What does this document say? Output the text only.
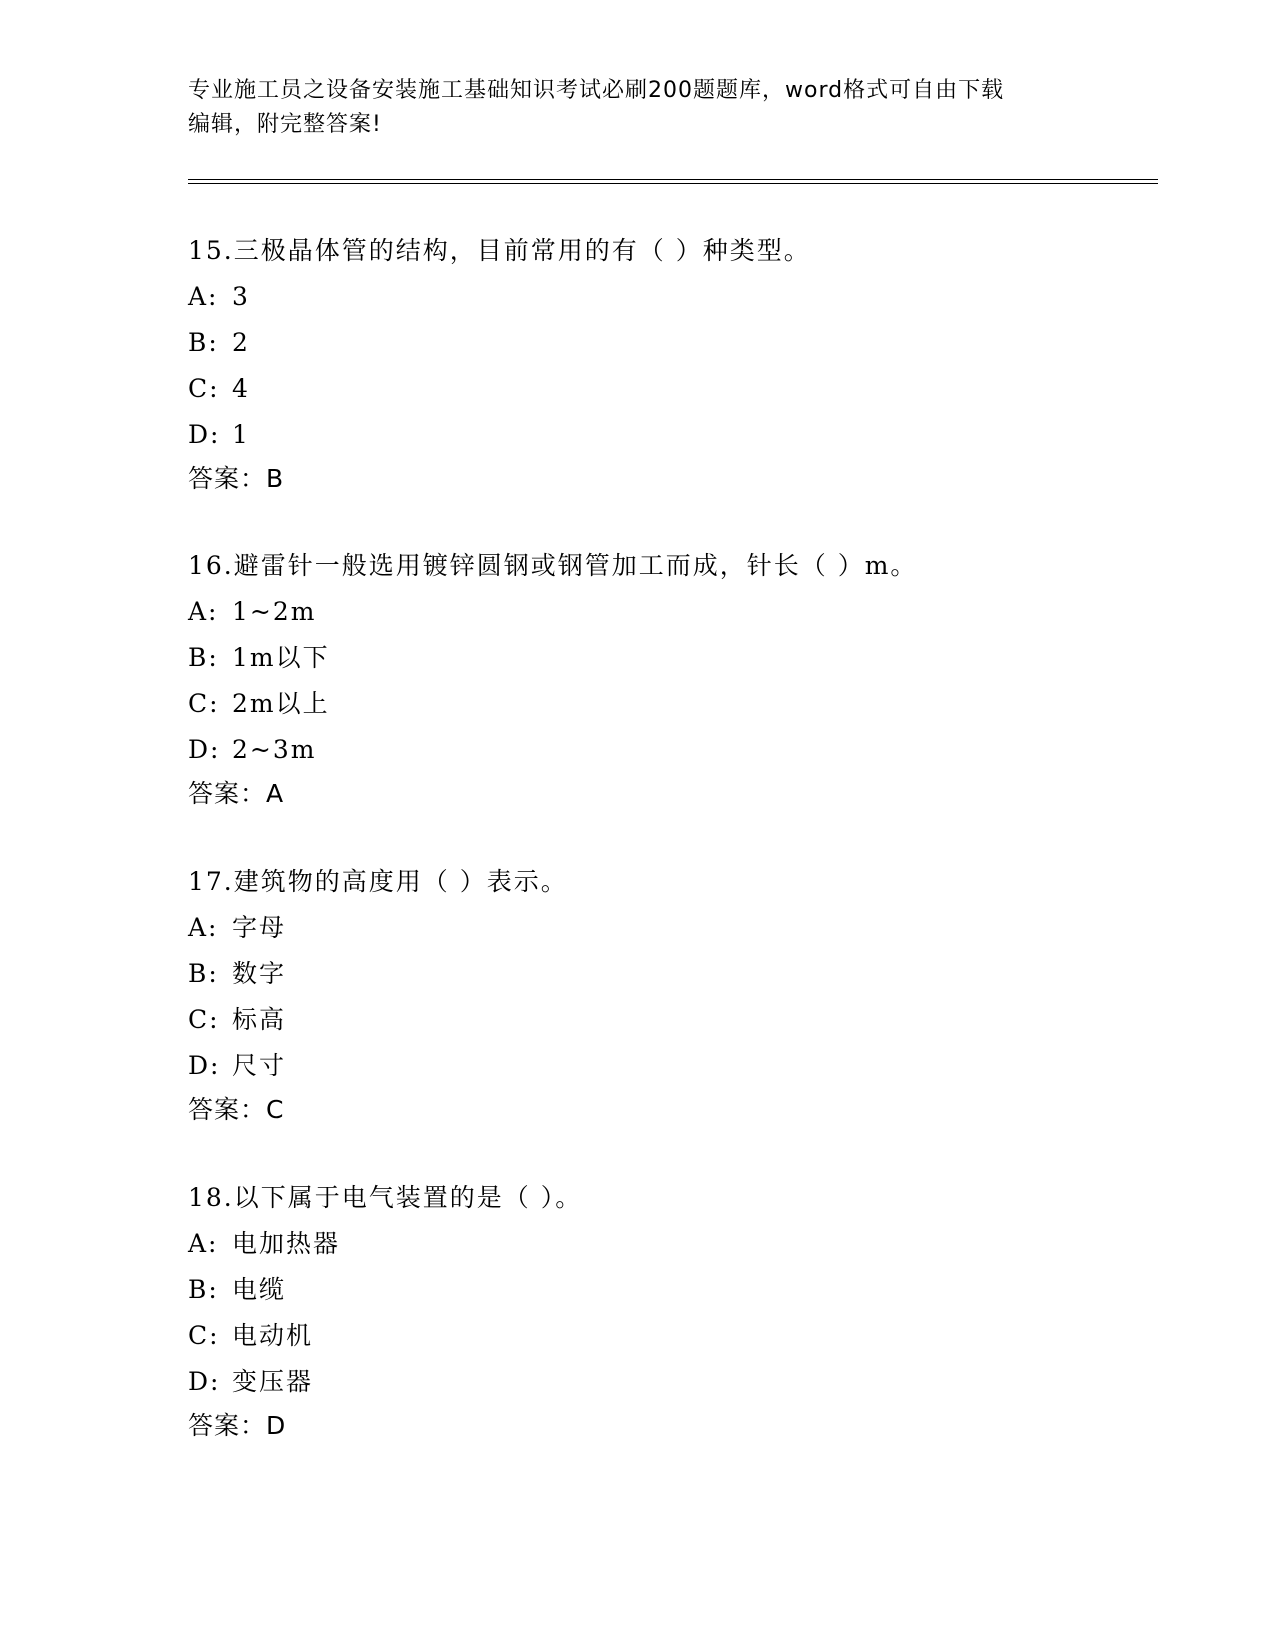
专业施工员之设备安装施工基础知识考试必刷200题题库，word格式可自由下载
编辑，附完整答案!
15.三极晶体管的结构，目前常用的有（ ）种类型。
A: 3
B: 2
C: 4
D: 1
答案：B
16.避雷针一般选用镀锌圆钢或钢管加工而成，针长（ ）m。
A: 1~2m
B: 1m以下
C: 2m以上
D: 2~3m
答案：A
17.建筑物的高度用（ ）表示。
A: 字母
B: 数字
C: 标高
D: 尺寸
答案：C
18.以下属于电气装置的是（ ）。
A: 电加热器
B: 电缆
C: 电动机
D: 变压器
答案：D
